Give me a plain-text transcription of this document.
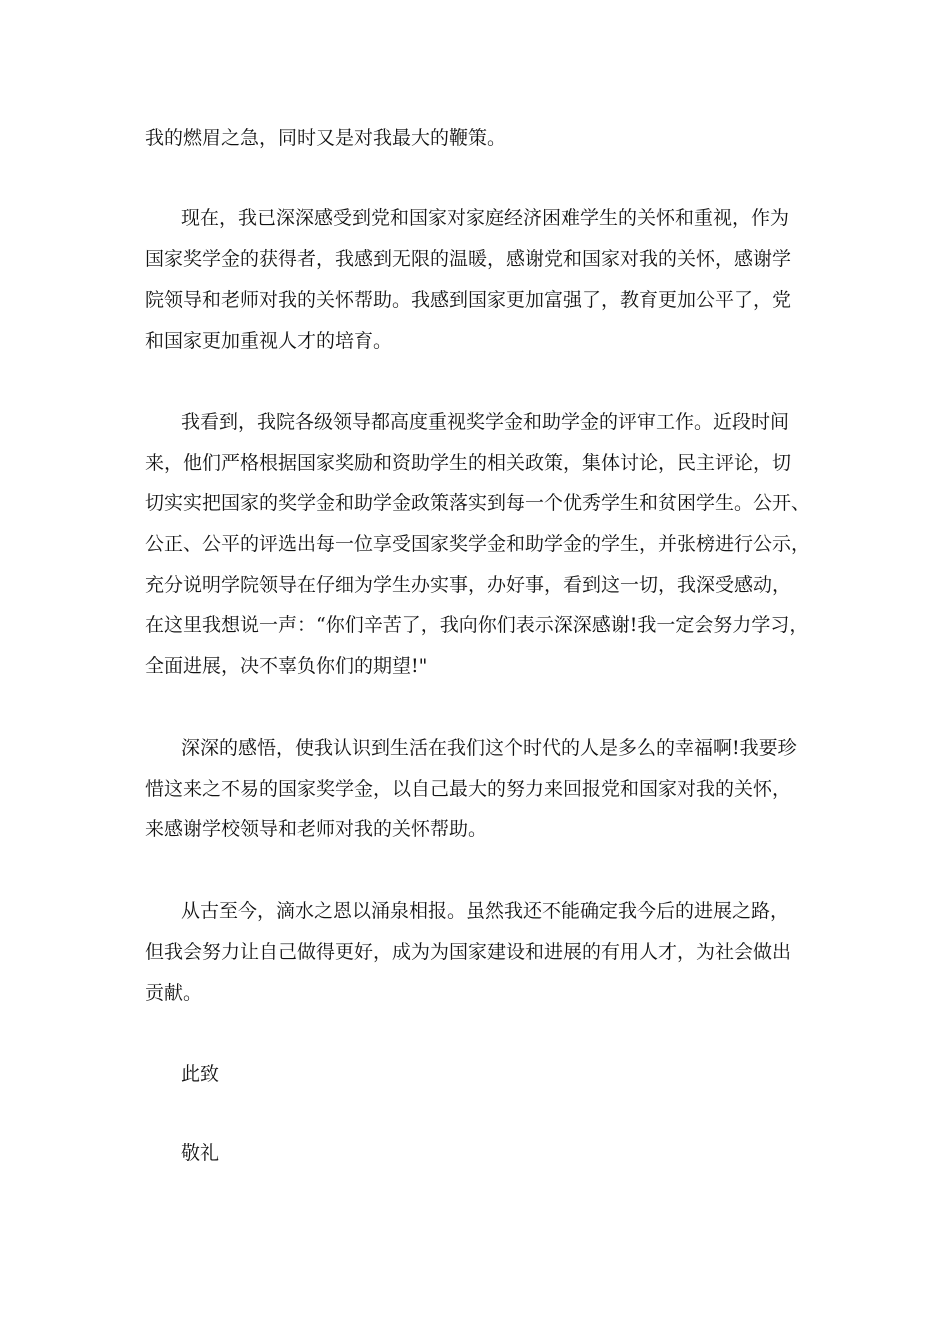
我的燃眉之急，同时又是对我最大的鞭策。
现在，我已深深感受到党和国家对家庭经济困难学生的关怀和重视，作为
国家奖学金的获得者，我感到无限的温暖，感谢党和国家对我的关怀，感谢学
院领导和老师对我的关怀帮助。我感到国家更加富强了，教育更加公平了，党
和国家更加重视人才的培育。
我看到，我院各级领导都高度重视奖学金和助学金的评审工作。近段时间
来，他们严格根据国家奖励和资助学生的相关政策，集体讨论，民主评论，切
切实实把国家的奖学金和助学金政策落实到每一个优秀学生和贫困学生。公开、
公正、公平的评选出每一位享受国家奖学金和助学金的学生，并张榜进行公示，
充分说明学院领导在仔细为学生办实事，办好事，看到这一切，我深受感动，
在这里我想说一声：“你们辛苦了，我向你们表示深深感谢!我一定会努力学习，
全面进展，决不辜负你们的期望!"
深深的感悟，使我认识到生活在我们这个时代的人是多么的幸福啊!我要珍
惜这来之不易的国家奖学金，以自己最大的努力来回报党和国家对我的关怀，
来感谢学校领导和老师对我的关怀帮助。
从古至今，滴水之恩以涌泉相报。虽然我还不能确定我今后的进展之路，
但我会努力让自己做得更好，成为为国家建设和进展的有用人才，为社会做出
贡献。
此致
敬礼
